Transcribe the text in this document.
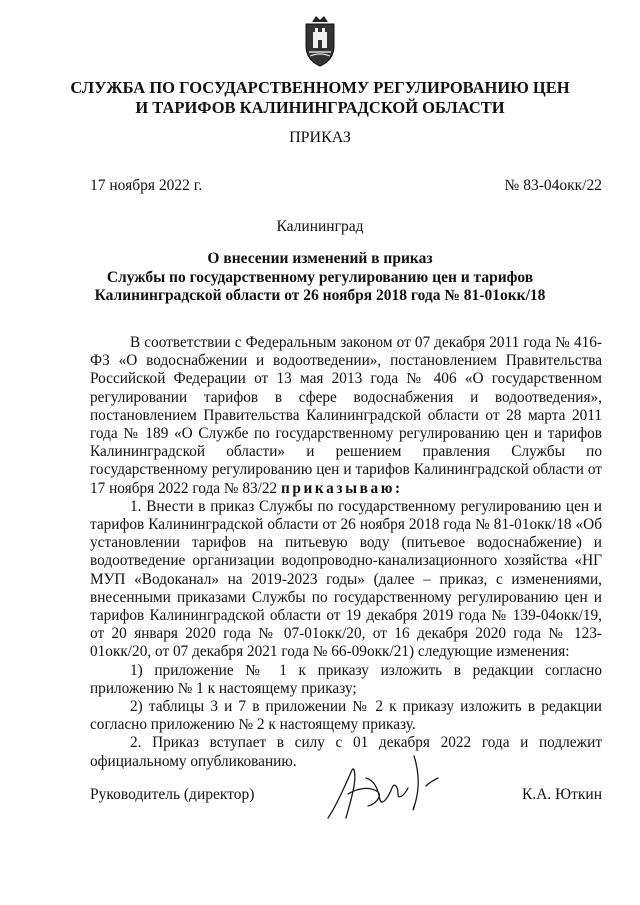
СЛУЖБА ПО ГОСУДАРСТВЕННОМУ РЕГУЛИРОВАНИЮ ЦЕН
И ТАРИФОВ КАЛИНИНГРАДСКОЙ ОБЛАСТИ
ПРИКАЗ
17 ноября 2022 г.	№ 83-04окк/22
Калининград
О внесении изменений в приказ
Службы по государственному регулированию цен и тарифов
Калининградской области от 26 ноября 2018 года № 81-01окк/18

В соответствии с Федеральным законом от 07 декабря 2011 года № 416-ФЗ «О водоснабжении и водоотведении», постановлением Правительства Российской Федерации от 13 мая 2013 года № 406 «О государственном регулировании тарифов в сфере водоснабжения и водоотведения», постановлением Правительства Калининградской области от 28 марта 2011 года № 189 «О Службе по государственному регулированию цен и тарифов Калининградской области» и решением правления Службы по государственному регулированию цен и тарифов Калининградской области от 17 ноября 2022 года № 83/22 приказываю:

1. Внести в приказ Службы по государственному регулированию цен и тарифов Калининградской области от 26 ноября 2018 года № 81-01окк/18 «Об установлении тарифов на питьевую воду (питьевое водоснабжение) и водоотведение организации водопроводно-канализационного хозяйства «НГ МУП «Водоканал» на 2019-2023 годы» (далее – приказ, с изменениями, внесенными приказами Службы по государственному регулированию цен и тарифов Калининградской области от 19 декабря 2019 года № 139-04окк/19, от 20 января 2020 года № 07-01окк/20, от 16 декабря 2020 года № 123-01окк/20, от 07 декабря 2021 года № 66-09окк/21) следующие изменения:

1) приложение № 1 к приказу изложить в редакции согласно приложению № 1 к настоящему приказу;

2) таблицы 3 и 7 в приложении № 2 к приказу изложить в редакции согласно приложению № 2 к настоящему приказу.

2. Приказ вступает в силу с 01 декабря 2022 года и подлежит официальному опубликованию.

Руководитель (директор)	К.А. Юткин
